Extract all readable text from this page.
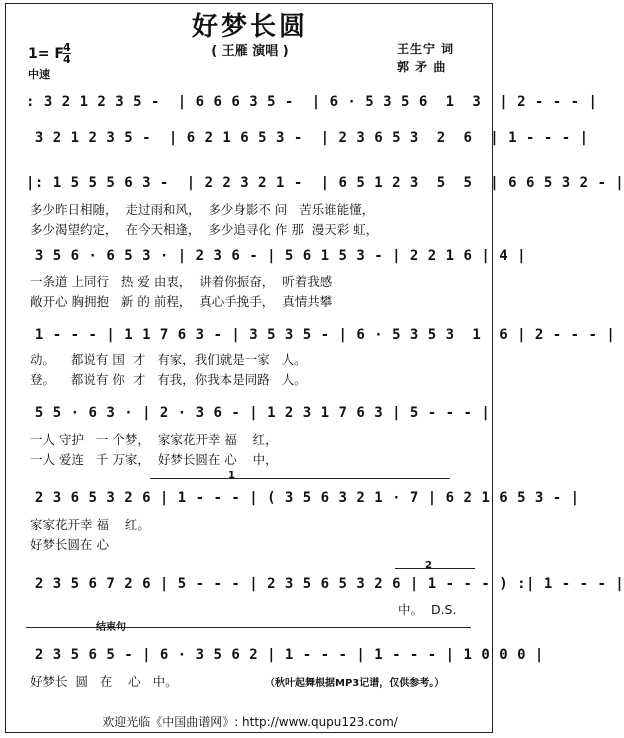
好梦长圆
( 王雁 演唱 )	王生宁 词
郭 矛 曲
1= F 4
4
中速
: 3 2 1 2 3 5 -  | 6 6 6 3 5 -  | 6 · 5 3 5 6  1  3  | 2 - - - |
3 2 1 2 3 5 -  | 6 2 1 6 5 3 -  | 2 3 6 5 3  2  6  | 1 - - - |
|: 1 5 5 5 6 3 -  | 2 2 3 2 1 -  | 6 5 1 2 3  5  5  | 6 6 5 3 2 - |
多少昨日相随，  走过雨和风，  多少身影不 问   苦乐谁能懂，
多少渴望约定，  在今天相逢，  多少追寻化 作 那  漫天彩 虹，
3 5 6 · 6 5 3 · | 2 3 6 - | 5 6 1 5 3 - | 2 2 1 6 | 4 |
一条道 上同行   热 爱 由衷，  讲着你振奋，  听着我感
敞开心 胸拥抱   新 的 前程，  真心手挽手，  真情共攀
1 - - - | 1 1 7 6 3 - | 3 5 3 5 - | 6 · 5 3 5 3  1  6 | 2 - - - |
动。    都说有 国  才   有家，我们就是一家   人。
登。    都说有 你  才   有我，你我本是同路   人。
5 5 · 6 3 · | 2 · 3 6 - | 1 2 3 1 7 6 3 | 5 - - - |
一人 守护   一 个梦，  家家花开幸 福    红，
一人 爱连   千 万家，  好梦长圆在 心    中，
1
2 3 6 5 3 2 6 | 1 - - - | ( 3 5 6 3 2 1 · 7 | 6 2 1 6 5 3 - |
家家花开幸 福    红。
好梦长圆在 心
2
2 3 5 6 7 2 6 | 5 - - - | 2 3 5 6 5 3 2 6 | 1 - - - ) :| 1 - - - |
中。  D.S.
结束句
2 3 5 6 5 - | 6 · 3 5 6 2 | 1 - - - | 1 - - - | 1 0 0 0 |
好梦长  圆   在    心   中。	（秋叶起舞根据MP3记谱，仅供参考。）
欢迎光临《中国曲谱网》: http://www.qupu123.com/
